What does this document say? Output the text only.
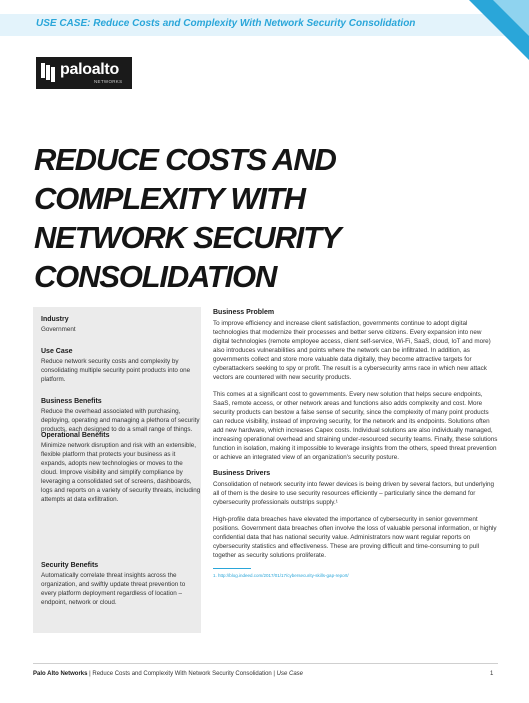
USE CASE: Reduce Costs and Complexity With Network Security Consolidation
paloalto
NETWORKS
REDUCE COSTS AND COMPLEXITY WITH NETWORK SECURITY CONSOLIDATION

Industry

Government

Use Case

Reduce network security costs and complexity by consolidating multiple security point products into one platform.

Business Benefits

Reduce the overhead associated with purchasing, deploying, operating and managing a plethora of security products, each designed to do a small range of things.

Operational Benefits

Minimize network disruption and risk with an extensible, flexible platform that protects your business as it expands, adopts new technologies or moves to the cloud. Improve visibility and simplify compliance by leveraging a consolidated set of screens, dashboards, logs and reports on a variety of security threats, including attempts at data exfiltration.

Security Benefits

Automatically correlate threat insights across the organization, and swiftly update threat prevention to every platform deployment regardless of location – endpoint, network or cloud.

Business Problem

To improve efficiency and increase client satisfaction, governments continue to adopt digital technologies that modernize their processes and better serve citizens. Every expansion into new digital technologies (remote employee access, client self-service, Wi-Fi, SaaS, cloud, IoT and more) also introduces vulnerabilities and points where the network can be infiltrated. In addition, as governments collect and store more valuable data digitally, they become attractive targets for cyberattackers seeking to spy or profit. The result is a cybersecurity arms race in which new attack vectors are countered with new security products.

This comes at a significant cost to governments. Every new solution that helps secure endpoints, SaaS, remote access, or other network areas and functions also adds complexity and cost. More security products can bestow a false sense of security, since the complexity of many point products can reduce visibility, instead of improving security, for the network and its endpoints. Solutions often add new hardware, which increases Capex costs. Individual solutions are also individually managed, increasing operational overhead and straining under-resourced security teams. Finally, these solutions function in isolation, making it impossible to leverage insights from the others, speed threat prevention or achieve an integrated view of an organization's security posture.

Business Drivers

Consolidation of network security into fewer devices is being driven by several factors, but underlying all of them is the desire to use security resources efficiently – particularly since the demand for cybersecurity professionals outstrips supply.¹

High-profile data breaches have elevated the importance of cybersecurity in senior government positions. Government data breaches often involve the loss of valuable personal information, or highly confidential data that has national security value. Administrators now want regular reports on cybersecurity statistics and effectiveness. These are proving difficult and time-consuming to pull together as security solutions proliferate.

1. http://blog.indeed.com/2017/01/17/cybersecurity-skills-gap-report/

Palo Alto Networks | Reduce Costs and Complexity With Network Security Consolidation | Use Case	1
